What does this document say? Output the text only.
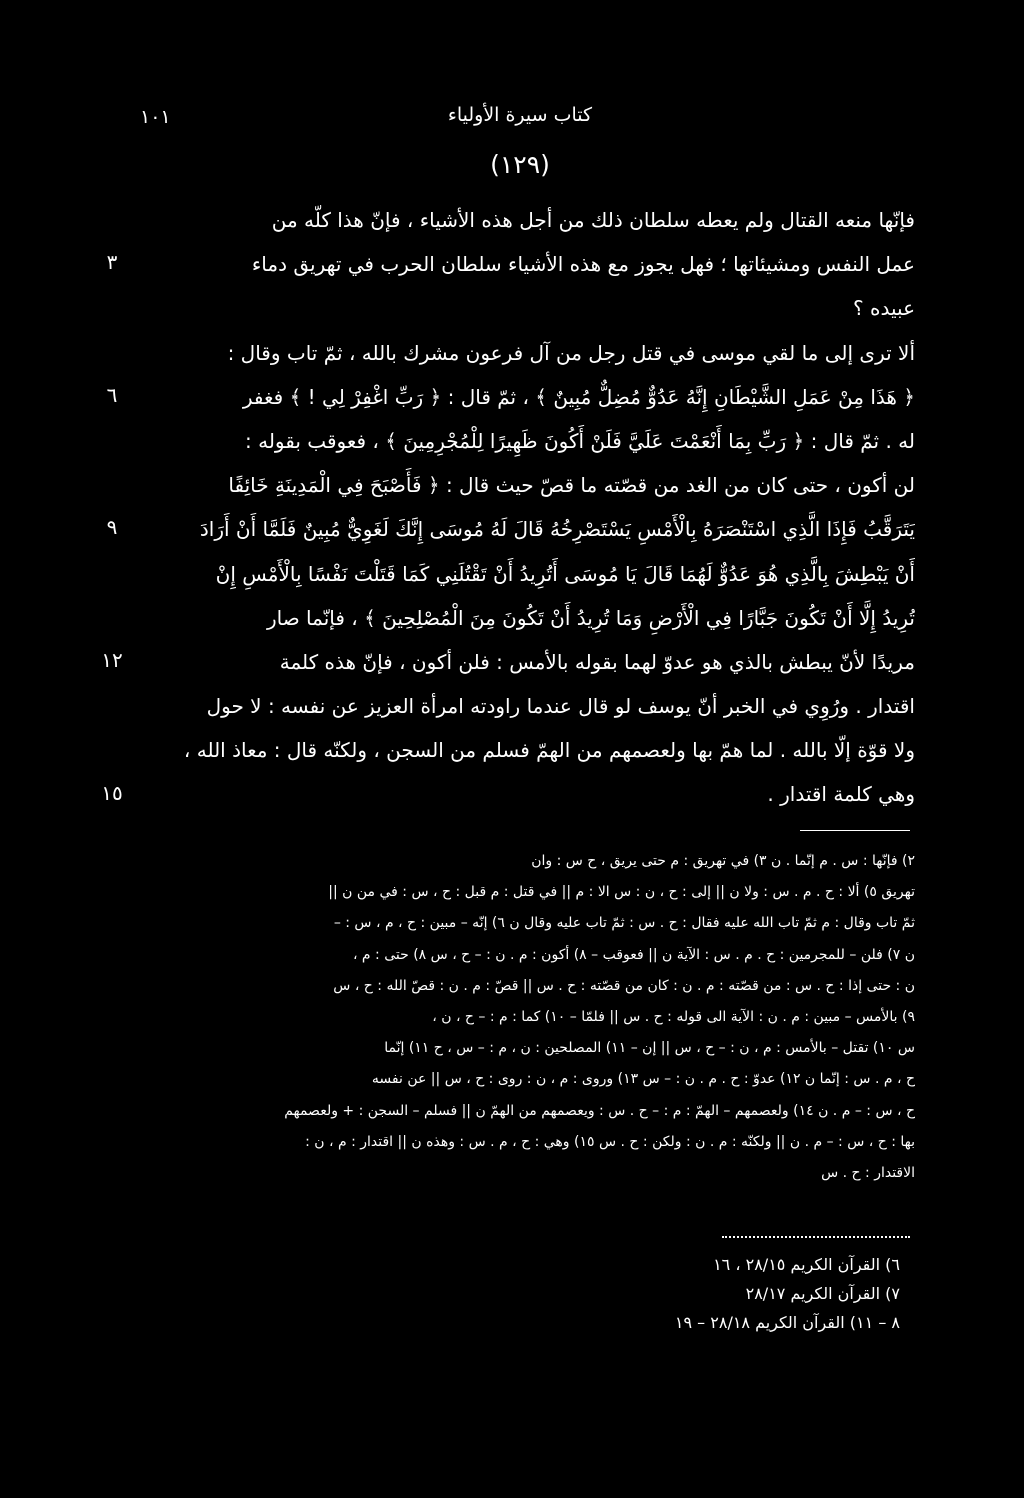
١٠١	كتاب سيرة الأولياء
(١٢٩)
فإنّها منعه القتال ولم يعطه سلطان ذلك من أجل هذه الأشياء ، فإنّ هذا كلّه من
عمل النفس ومشيئاتها ؛ فهل يجوز مع هذه الأشياء سلطان الحرب في تهريق دماء
عبيده ؟
ألا ترى إلى ما لقي موسى في قتل رجل من آل فرعون مشرك بالله ، ثمّ تاب وقال :
﴿ هَذَا مِنْ عَمَلِ الشَّيْطَانِ إِنَّهُ عَدُوٌّ مُضِلٌّ مُبِينٌ ﴾ ، ثمّ قال : ﴿ رَبِّ اغْفِرْ لِي ! ﴾ فغفر
له . ثمّ قال : ﴿ رَبِّ بِمَا أَنْعَمْتَ عَلَيَّ فَلَنْ أَكُونَ ظَهِيرًا لِلْمُجْرِمِينَ ﴾ ، فعوقب بقوله :
لن أكون ، حتى كان من الغد من قصّته ما قصّ حيث قال : ﴿ فَأَصْبَحَ فِي الْمَدِينَةِ خَائِفًا
يَتَرَقَّبُ فَإِذَا الَّذِي اسْتَنْصَرَهُ بِالْأَمْسِ يَسْتَصْرِخُهُ قَالَ لَهُ مُوسَى إِنَّكَ لَغَوِيٌّ مُبِينٌ فَلَمَّا أَنْ أَرَادَ
أَنْ يَبْطِشَ بِالَّذِي هُوَ عَدُوٌّ لَهُمَا قَالَ يَا مُوسَى أَتُرِيدُ أَنْ تَقْتُلَنِي كَمَا قَتَلْتَ نَفْسًا بِالْأَمْسِ إِنْ
تُرِيدُ إِلَّا أَنْ تَكُونَ جَبَّارًا فِي الْأَرْضِ وَمَا تُرِيدُ أَنْ تَكُونَ مِنَ الْمُصْلِحِينَ ﴾ ، فإنّما صار
مريدًا لأنّ يبطش بالذي هو عدوّ لهما بقوله بالأمس : فلن أكون ، فإنّ هذه كلمة
اقتدار . ورُوِي في الخبر أنّ يوسف لو قال عندما راودته امرأة العزيز عن نفسه : لا حول
ولا قوّة إلّا بالله . لما همّ بها ولعصمهم من الهمّ فسلم من السجن ، ولكنّه قال : معاذ الله ،
وهي كلمة اقتدار .
٣
٦
٩
١٢
١٥
٢) فإنّها : س . م إنّما . ن ٣) في تهريق : م حتى يريق ، ح س : وان
تهريق ٥) ألا : ح . م . س : ولا ن || إلى : ح ، ن : س الا : م || في قتل : م قبل : ح ، س : في من ن ||
ثمّ تاب وقال : م ثمّ تاب الله عليه فقال : ح . س : ثمّ تاب عليه وقال ن ٦) إنّه – مبين : ح ، م ، س : –
ن ٧) فلن – للمجرمين : ح . م . س : الآية ن || فعوقب – ٨) أكون : م . ن : – ح ، س ٨) حتى : م ،
ن : حتى إذا : ح . س : من قصّته : م . ن : كان من قصّته : ح . س || قصّ : م . ن : قصّ الله : ح ، س
٩) بالأمس – مبين : م . ن : الآية الى قوله : ح . س || فلمّا – ١٠) كما : م : – ح ، ن ،
س ١٠) تقتل – بالأمس : م ، ن : – ح ، س || إن – ١١) المصلحين : ن ، م : – س ، ح ١١) إنّما
ح ، م . س : إنّما ن ١٢) عدوّ : ح . م . ن : – س ١٣) وروى : م ، ن : روى : ح ، س || عن نفسه
ح ، س : – م . ن ١٤) ولعصمهم – الهمّ : م : – ح . س : ويعصمهم من الهمّ ن || فسلم – السجن : + ولعصمهم
بها : ح ، س : – م . ن || ولكنّه : م . ن : ولكن : ح . س ١٥) وهي : ح ، م . س : وهذه ن || اقتدار : م ، ن :
الاقتدار : ح . س
٦) القرآن الكريم ٢٨/١٥ ، ١٦
٧) القرآن الكريم ٢٨/١٧
٨ – ١١) القرآن الكريم ٢٨/١٨ – ١٩
